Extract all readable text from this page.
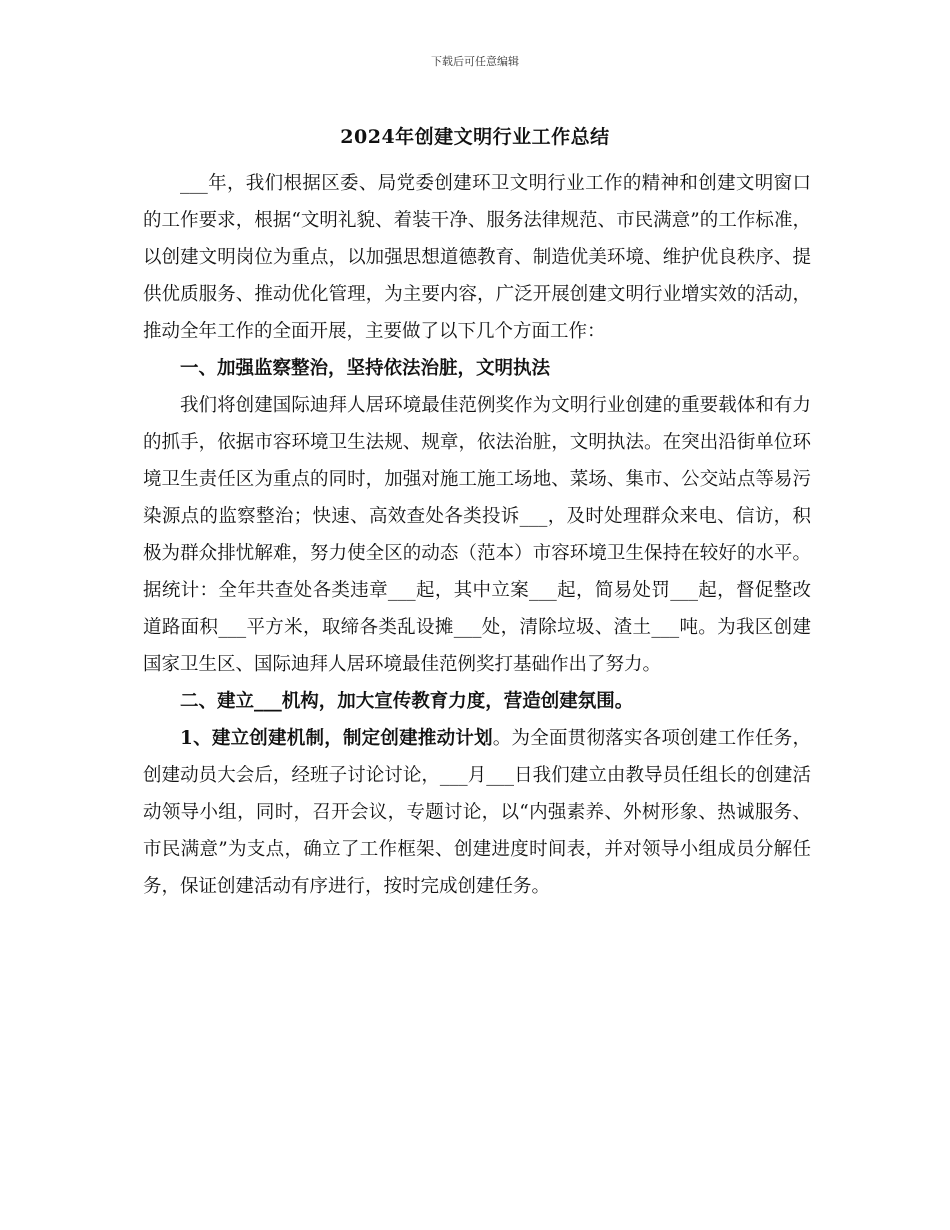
下载后可任意编辑
2024年创建文明行业工作总结

___年，我们根据区委、局党委创建环卫文明行业工作的精神和创建文明窗口的工作要求，根据“文明礼貌、着装干净、服务法律规范、市民满意”的工作标准，以创建文明岗位为重点，以加强思想道德教育、制造优美环境、维护优良秩序、提供优质服务、推动优化管理，为主要内容，广泛开展创建文明行业增实效的活动，推动全年工作的全面开展，主要做了以下几个方面工作：

一、加强监察整治，坚持依法治脏，文明执法

我们将创建国际迪拜人居环境最佳范例奖作为文明行业创建的重要载体和有力的抓手，依据市容环境卫生法规、规章，依法治脏，文明执法。在突出沿街单位环境卫生责任区为重点的同时，加强对施工施工场地、菜场、集市、公交站点等易污染源点的监察整治；快速、高效查处各类投诉___，及时处理群众来电、信访，积极为群众排忧解难，努力使全区的动态（范本）市容环境卫生保持在较好的水平。据统计：全年共查处各类违章___起，其中立案___起，简易处罚___起，督促整改道路面积___平方米，取缔各类乱设摊___处，清除垃圾、渣土___吨。为我区创建国家卫生区、国际迪拜人居环境最佳范例奖打基础作出了努力。

二、建立___机构，加大宣传教育力度，营造创建氛围。

1、建立创建机制，制定创建推动计划。为全面贯彻落实各项创建工作任务，创建动员大会后，经班子讨论讨论，___月___日我们建立由教导员任组长的创建活动领导小组，同时，召开会议，专题讨论，以“内强素养、外树形象、热诚服务、市民满意”为支点，确立了工作框架、创建进度时间表，并对领导小组成员分解任务，保证创建活动有序进行，按时完成创建任务。
